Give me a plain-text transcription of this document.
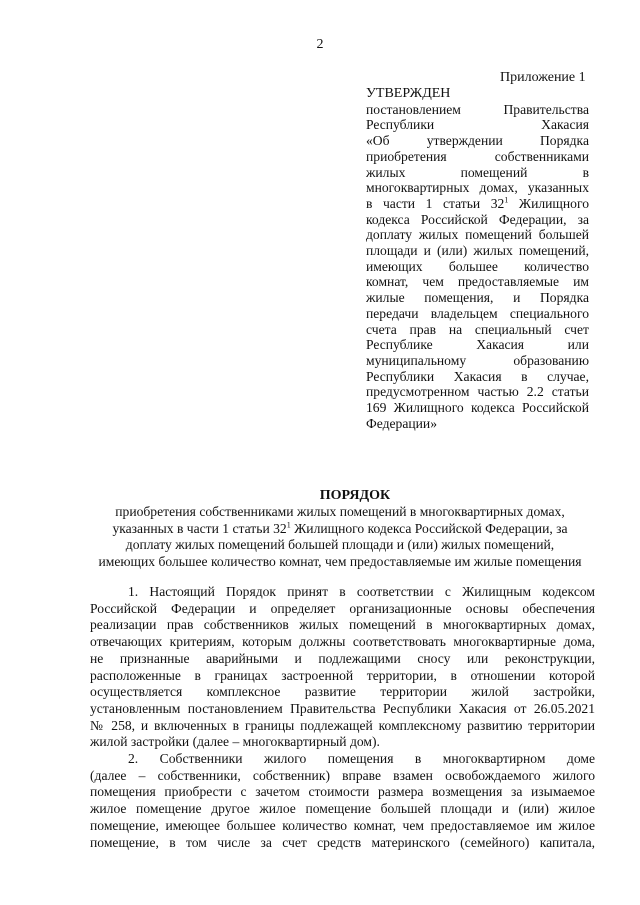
2
Приложение 1
УТВЕРЖДЕН
постановлением Правительства
Республики Хакасия
«Об утверждении Порядка
приобретения собственниками
жилых помещений в
многоквартирных домах, указанных
в части 1 статьи $32^1$ Жилищного
кодекса Российской Федерации, за
доплату жилых помещений большей
площади и (или) жилых помещений,
имеющих большее количество
комнат, чем предоставляемые им
жилые помещения, и Порядка
передачи владельцем специального
счета прав на специальный счет
Республике Хакасия или
муниципальному образованию
Республики Хакасия в случае,
предусмотренном частью 2.2 статьи
169 Жилищного кодекса Российской
Федерации»
ПОРЯДОК
приобретения собственниками жилых помещений в многоквартирных домах,
указанных в части 1 статьи $32^1$ Жилищного кодекса Российской Федерации, за
доплату жилых помещений большей площади и (или) жилых помещений,
имеющих большее количество комнат, чем предоставляемые им жилые помещения
1. Настоящий Порядок принят в соответствии с Жилищным кодексом
Российской Федерации и определяет организационные основы обеспечения
реализации прав собственников жилых помещений в многоквартирных домах,
отвечающих критериям, которым должны соответствовать многоквартирные дома,
не признанные аварийными и подлежащими сносу или реконструкции,
расположенные в границах застроенной территории, в отношении которой
осуществляется комплексное развитие территории жилой застройки,
установленным постановлением Правительства Республики Хакасия от 26.05.2021
№ 258, и включенных в границы подлежащей комплексному развитию территории
жилой застройки (далее – многоквартирный дом).
2. Собственники жилого помещения в многоквартирном доме
(далее – собственники, собственник) вправе взамен освобождаемого жилого
помещения приобрести с зачетом стоимости размера возмещения за изымаемое
жилое помещение другое жилое помещение большей площади и (или) жилое
помещение, имеющее большее количество комнат, чем предоставляемое им жилое
помещение, в том числе за счет средств материнского (семейного) капитала,
